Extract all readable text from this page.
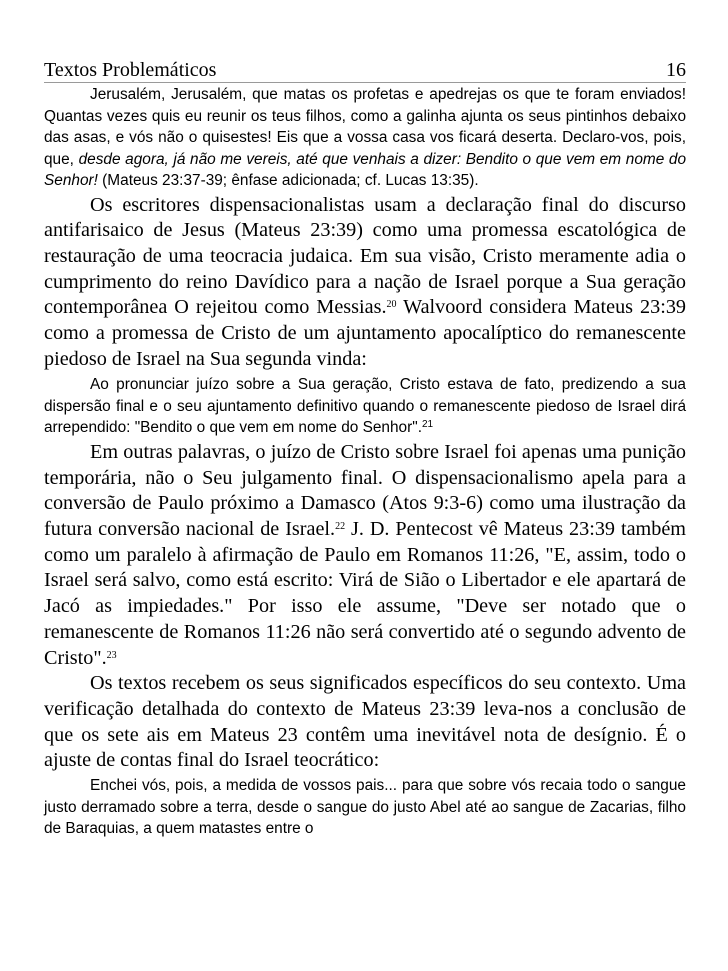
Textos Problemáticos	16

Jerusalém, Jerusalém, que matas os profetas e apedrejas os que te foram enviados! Quantas vezes quis eu reunir os teus filhos, como a galinha ajunta os seus pintinhos debaixo das asas, e vós não o quisestes! Eis que a vossa casa vos ficará deserta. Declaro-vos, pois, que, desde agora, já não me vereis, até que venhais a dizer: Bendito o que vem em nome do Senhor! (Mateus 23:37-39; ênfase adicionada; cf. Lucas 13:35).

Os escritores dispensacionalistas usam a declaração final do discurso antifarisaico de Jesus (Mateus 23:39) como uma promessa escatológica de restauração de uma teocracia judaica. Em sua visão, Cristo meramente adia o cumprimento do reino Davídico para a nação de Israel porque a Sua geração contemporânea O rejeitou como Messias.$^{20}$ Walvoord considera Mateus 23:39 como a promessa de Cristo de um ajuntamento apocalíptico do remanescente piedoso de Israel na Sua segunda vinda:

Ao pronunciar juízo sobre a Sua geração, Cristo estava de fato, predizendo a sua dispersão final e o seu ajuntamento definitivo quando o remanescente piedoso de Israel dirá arrependido: "Bendito o que vem em nome do Senhor".$^{21}$

Em outras palavras, o juízo de Cristo sobre Israel foi apenas uma punição temporária, não o Seu julgamento final. O dispensacionalismo apela para a conversão de Paulo próximo a Damasco (Atos 9:3-6) como uma ilustração da futura conversão nacional de Israel.$^{22}$ J. D. Pentecost vê Mateus 23:39 também como um paralelo à afirmação de Paulo em Romanos 11:26, "E, assim, todo o Israel será salvo, como está escrito: Virá de Sião o Libertador e ele apartará de Jacó as impiedades." Por isso ele assume, "Deve ser notado que o remanescente de Romanos 11:26 não será convertido até o segundo advento de Cristo".$^{23}$

Os textos recebem os seus significados específicos do seu contexto. Uma verificação detalhada do contexto de Mateus 23:39 leva-nos a conclusão de que os sete ais em Mateus 23 contêm uma inevitável nota de desígnio. É o ajuste de contas final do Israel teocrático:

Enchei vós, pois, a medida de vossos pais... para que sobre vós recaia todo o sangue justo derramado sobre a terra, desde o sangue do justo Abel até ao sangue de Zacarias, filho de Baraquias, a quem matastes entre o
